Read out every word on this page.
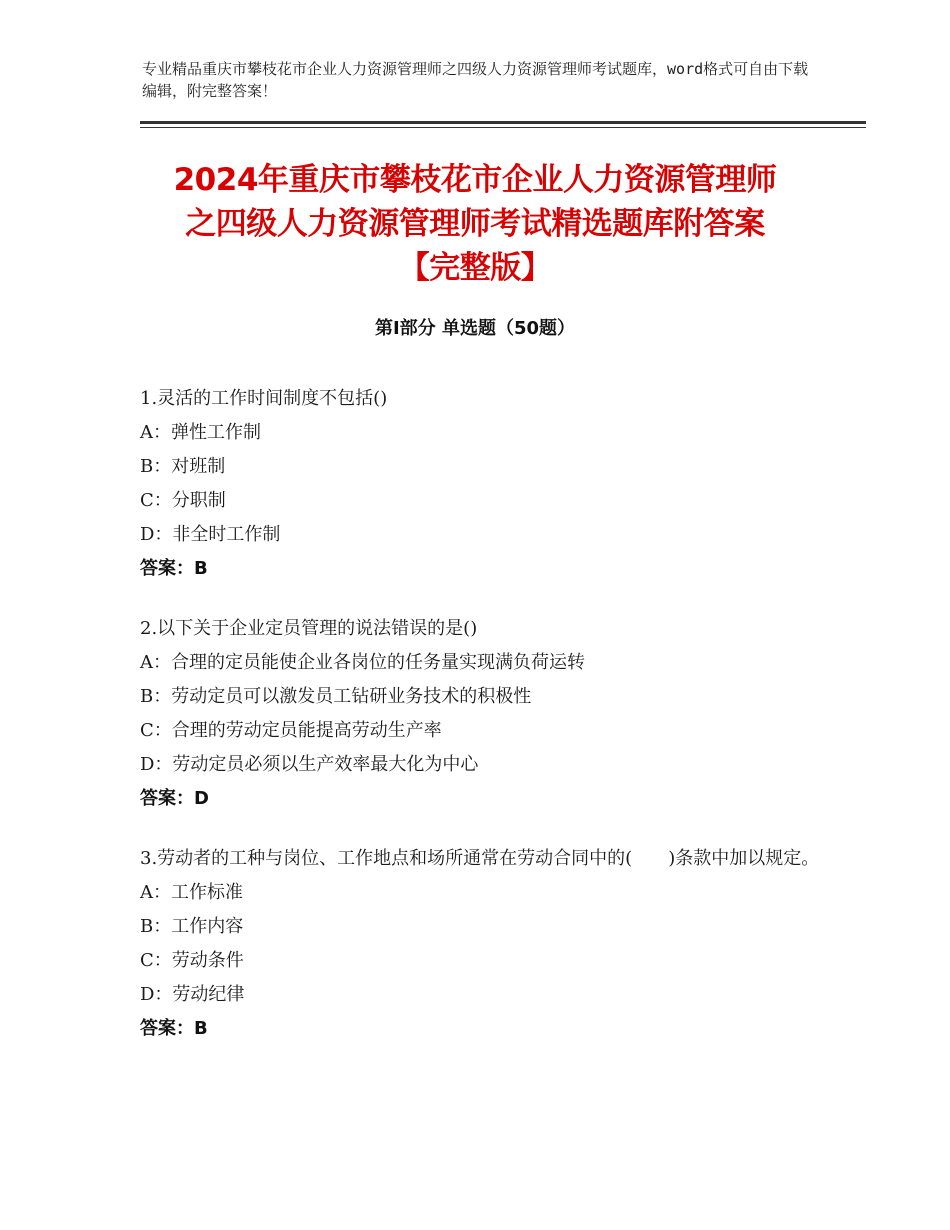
专业精品重庆市攀枝花市企业人力资源管理师之四级人力资源管理师考试题库，word格式可自由下载编辑，附完整答案！
2024年重庆市攀枝花市企业人力资源管理师
之四级人力资源管理师考试精选题库附答案
【完整版】
第Ⅰ部分 单选题（50题）
1.灵活的工作时间制度不包括()
A：弹性工作制
B：对班制
C：分职制
D：非全时工作制
答案：B
2.以下关于企业定员管理的说法错误的是()
A：合理的定员能使企业各岗位的任务量实现满负荷运转
B：劳动定员可以激发员工钻研业务技术的积极性
C：合理的劳动定员能提高劳动生产率
D：劳动定员必须以生产效率最大化为中心
答案：D
3.劳动者的工种与岗位、工作地点和场所通常在劳动合同中的(　　)条款中加以规定。
A：工作标准
B：工作内容
C：劳动条件
D：劳动纪律
答案：B
